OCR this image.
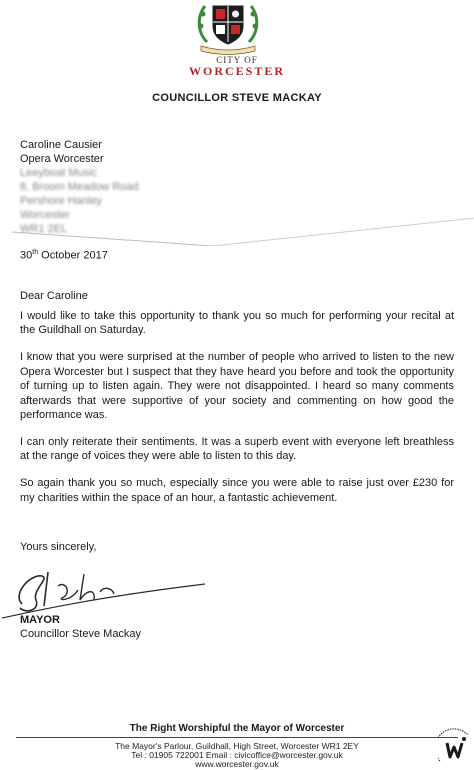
CITY OF
WORCESTER
COUNCILLOR STEVE MACKAY
Caroline Causier
Opera Worcester
Leeyboat Music
8, Broom Meadow Road
Pershore Hanley
Worcester
WR1 2EL
30th October 2017
Dear Caroline

I would like to take this opportunity to thank you so much for performing your recital at the Guildhall on Saturday.

I know that you were surprised at the number of people who arrived to listen to the new Opera Worcester but I suspect that they have heard you before and took the opportunity of turning up to listen again. They were not disappointed. I heard so many comments afterwards that were supportive of your society and commenting on how good the performance was.

I can only reiterate their sentiments. It was a superb event with everyone left breathless at the range of voices they were able to listen to this day.

So again thank you so much, especially since you were able to raise just over £230 for my charities within the space of an hour, a fantastic achievement.

Yours sincerely,
MAYOR
Councillor Steve Mackay
The Right Worshipful the Mayor of Worcester
The Mayor's Parlour, Guildhall, High Street, Worcester WR1 2EY
Tel : 01905 722001 Email : civicoffice@worcester.gov.uk
www.worcester.gov.uk
